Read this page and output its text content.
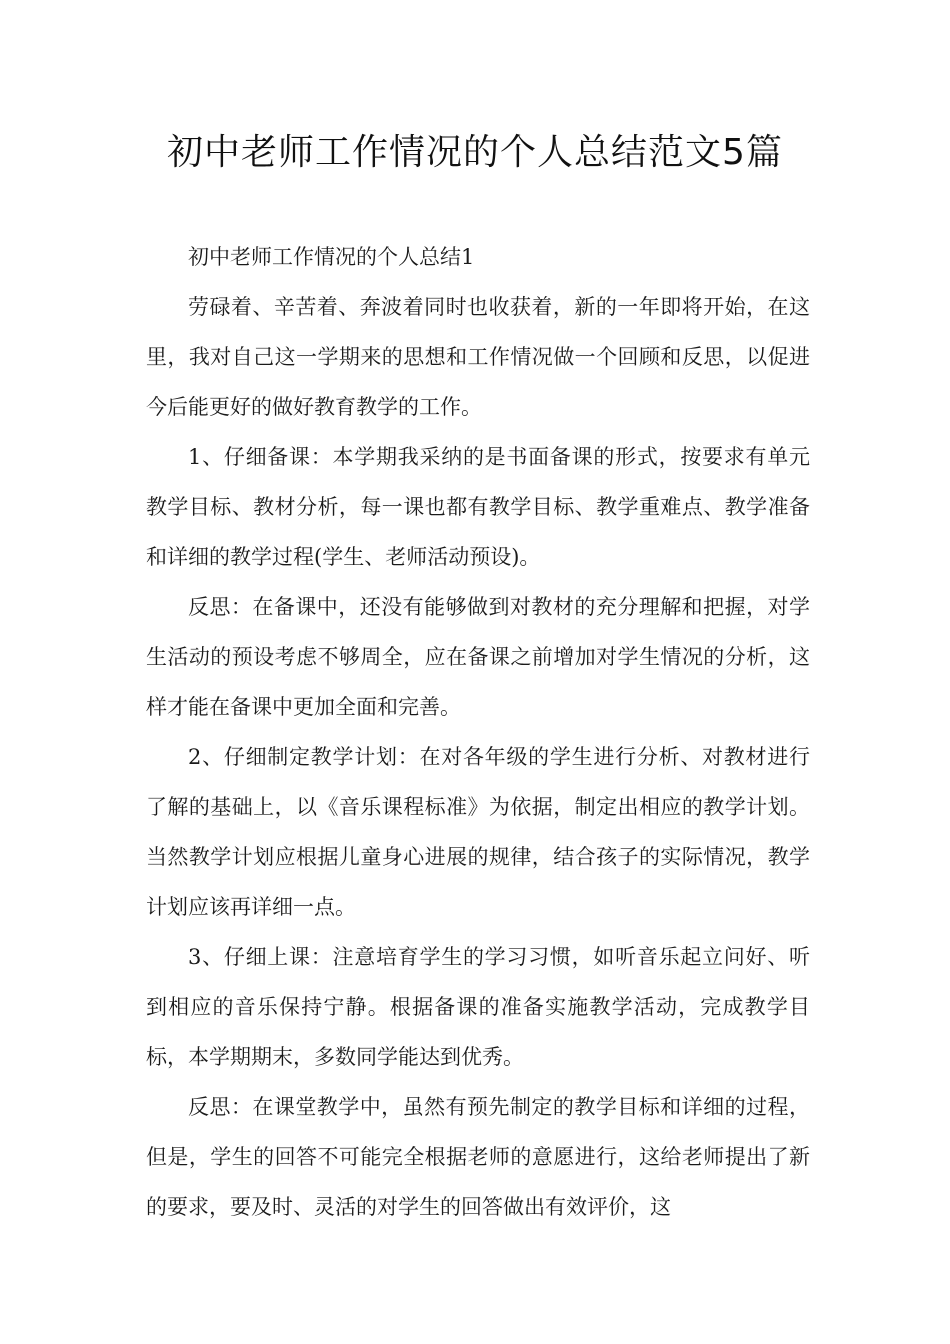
初中老师工作情况的个人总结范文5篇

初中老师工作情况的个人总结1

劳碌着、辛苦着、奔波着同时也收获着，新的一年即将开始，在这里，我对自己这一学期来的思想和工作情况做一个回顾和反思，以促进今后能更好的做好教育教学的工作。

1、仔细备课：本学期我采纳的是书面备课的形式，按要求有单元教学目标、教材分析，每一课也都有教学目标、教学重难点、教学准备和详细的教学过程(学生、老师活动预设)。

反思：在备课中，还没有能够做到对教材的充分理解和把握，对学生活动的预设考虑不够周全，应在备课之前增加对学生情况的分析，这样才能在备课中更加全面和完善。

2、仔细制定教学计划：在对各年级的学生进行分析、对教材进行了解的基础上，以《音乐课程标准》为依据，制定出相应的教学计划。当然教学计划应根据儿童身心进展的规律，结合孩子的实际情况，教学计划应该再详细一点。

3、仔细上课：注意培育学生的学习习惯，如听音乐起立问好、听到相应的音乐保持宁静。根据备课的准备实施教学活动，完成教学目标，本学期期末，多数同学能达到优秀。

反思：在课堂教学中，虽然有预先制定的教学目标和详细的过程，但是，学生的回答不可能完全根据老师的意愿进行，这给老师提出了新的要求，要及时、灵活的对学生的回答做出有效评价，这
